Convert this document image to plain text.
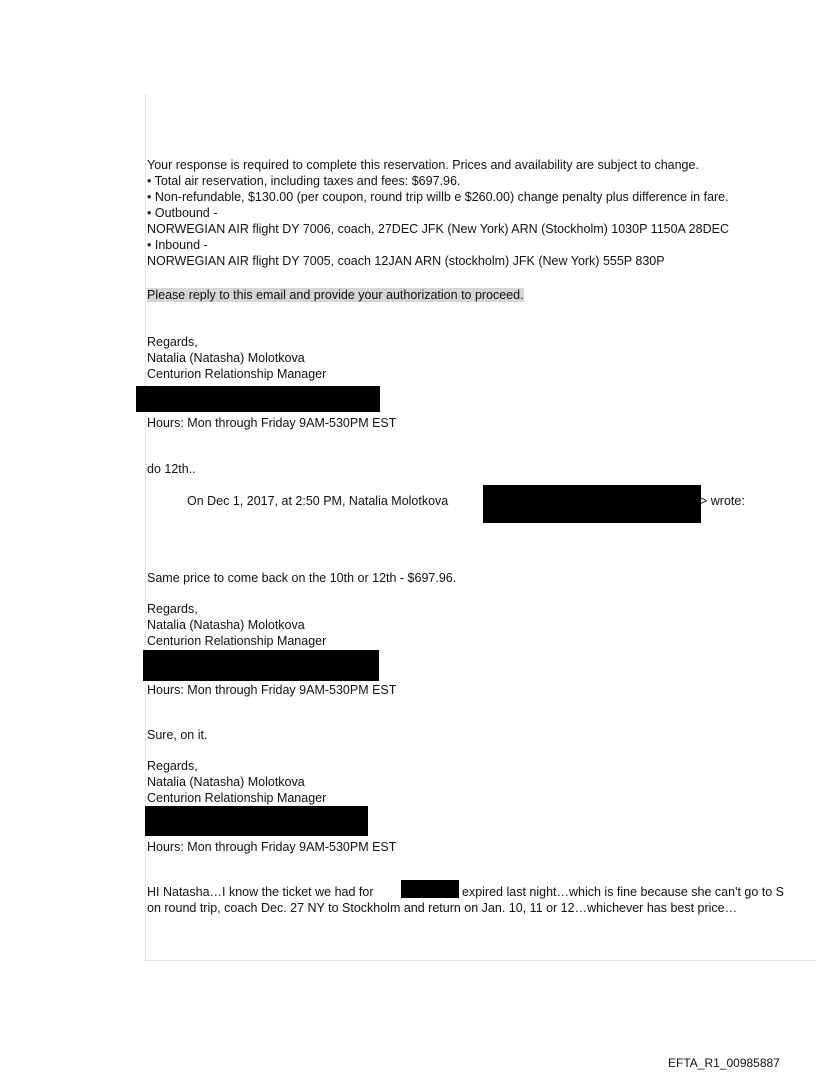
Your response is required to complete this reservation. Prices and availability are subject to change.
• Total air reservation, including taxes and fees: $697.96.
• Non-refundable, $130.00 (per coupon, round trip willb e $260.00) change penalty plus difference in fare.
• Outbound -
NORWEGIAN AIR flight DY 7006, coach, 27DEC JFK (New York) ARN (Stockholm) 1030P 1150A 28DEC
• Inbound -
NORWEGIAN AIR flight DY 7005, coach 12JAN ARN (stockholm) JFK (New York) 555P 830P
Please reply to this email and provide your authorization to proceed.
Regards,
Natalia (Natasha) Molotkova
Centurion Relationship Manager
Hours: Mon through Friday 9AM-530PM EST
do 12th..
On Dec 1, 2017, at 2:50 PM, Natalia Molotkova	> wrote:
Same price to come back on the 10th or 12th - $697.96.
Regards,
Natalia (Natasha) Molotkova
Centurion Relationship Manager
Hours: Mon through Friday 9AM-530PM EST
Sure, on it.
Regards,
Natalia (Natasha) Molotkova
Centurion Relationship Manager
Hours: Mon through Friday 9AM-530PM EST
HI Natasha…I know the ticket we had for	expired last night…which is fine because she can't go to S
on round trip, coach Dec. 27 NY to Stockholm and return on Jan. 10, 11 or 12…whichever has best price…
EFTA_R1_00985887
